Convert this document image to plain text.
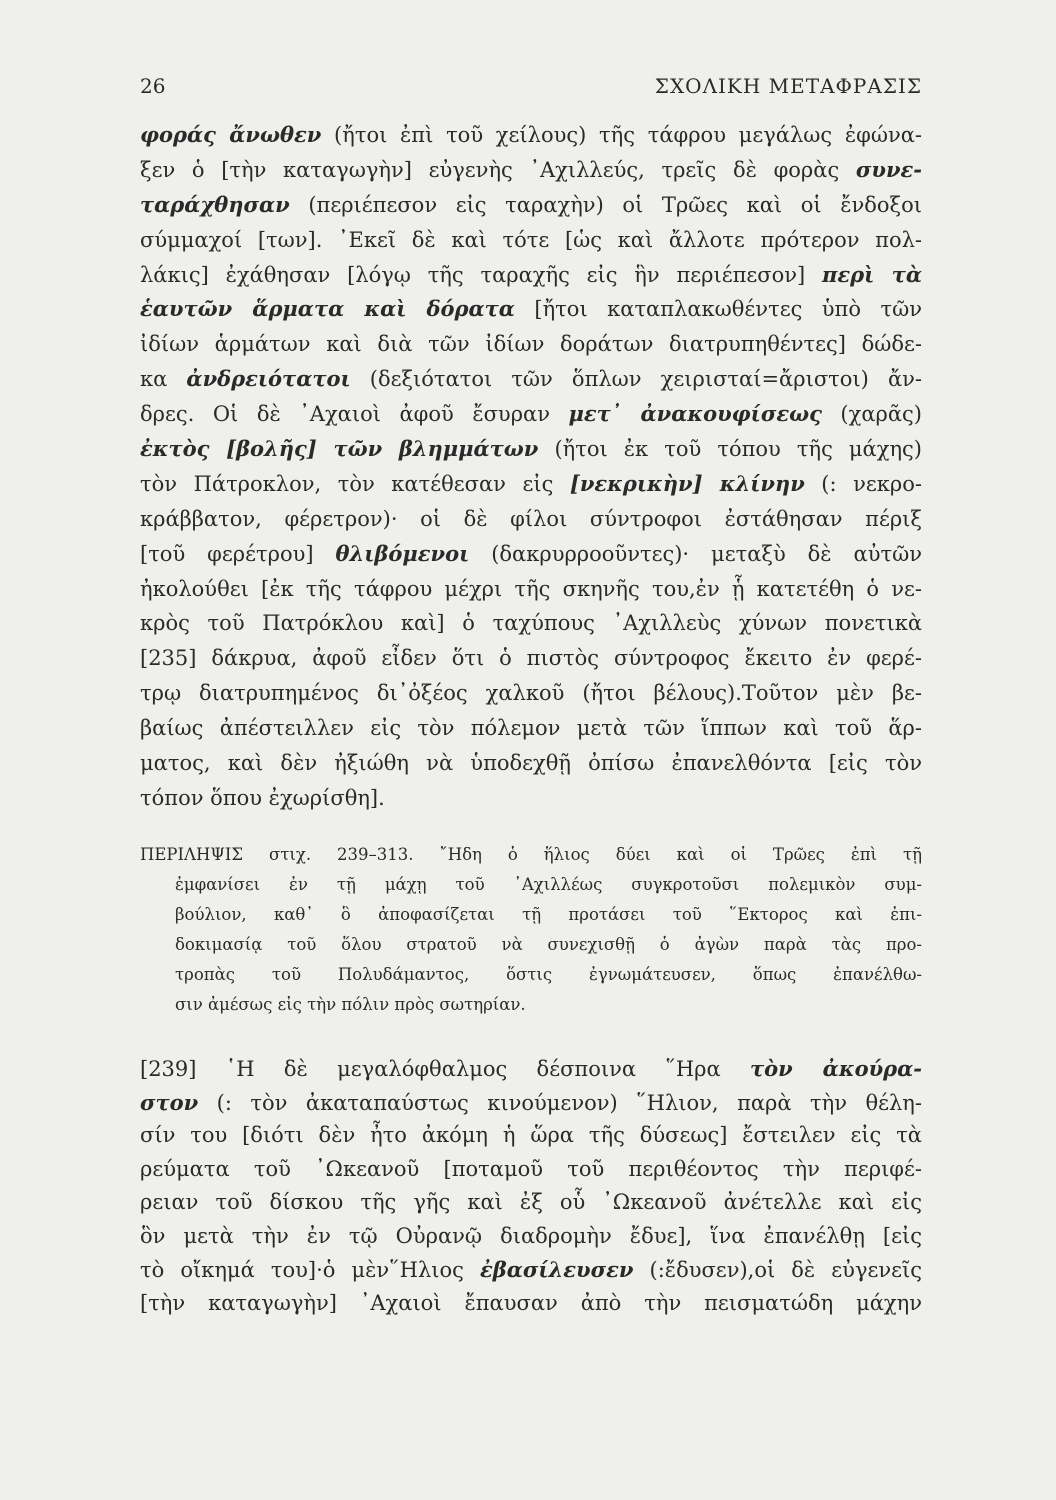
26	ΣΧΟΛΙΚΗ ΜΕΤΑΦΡΑΣΙΣ
φοράς ἄνωθεν (ἤτοι ἐπὶ τοῦ χείλους) τῆς τάφρου μεγάλως ἐφώνα-
ξεν ὁ [τὴν καταγωγὴν] εὐγενὴς ᾿Αχιλλεύς, τρεῖς δὲ φορὰς συνε-
ταράχθησαν (περιέπεσον εἰς ταραχὴν) οἱ Τρῶες καὶ οἱ ἔνδοξοι
σύμμαχοί [των]. ᾿Εκεῖ δὲ καὶ τότε [ὡς καὶ ἄλλοτε πρότερον πολ-
λάκις] ἐχάθησαν [λόγῳ τῆς ταραχῆς εἰς ἣν περιέπεσον] περὶ τὰ
ἑαυτῶν ἅρματα καὶ δόρατα [ἤτοι καταπλακωθέντες ὑπὸ τῶν
ἰδίων ἁρμάτων καὶ διὰ τῶν ἰδίων δοράτων διατρυπηθέντες] δώδε-
κα ἀνδρειότατοι (δεξιότατοι τῶν ὅπλων χειρισταί=ἄριστοι) ἄν-
δρες. Οἱ δὲ ᾿Αχαιοὶ ἀφοῦ ἔσυραν μετ᾿ ἀνακουφίσεως (χαρᾶς)
ἐκτὸς [βολῆς] τῶν βλημμάτων (ἤτοι ἐκ τοῦ τόπου τῆς μάχης)
τὸν Πάτροκλον, τὸν κατέθεσαν εἰς [νεκρικὴν] κλίνην (: νεκρο-
κράββατον, φέρετρον)· οἱ δὲ φίλοι σύντροφοι ἐστάθησαν πέριξ
[τοῦ φερέτρου] θλιβόμενοι (δακρυρροοῦντες)· μεταξὺ δὲ αὐτῶν
ἠκολούθει [ἐκ τῆς τάφρου μέχρι τῆς σκηνῆς του,ἐν ᾗ κατετέθη ὁ νε-
κρὸς τοῦ Πατρόκλου καὶ] ὁ ταχύπους ᾿Αχιλλεὺς χύνων πονετικὰ
[235] δάκρυα, ἀφοῦ εἶδεν ὅτι ὁ πιστὸς σύντροφος ἔκειτο ἐν φερέ-
τρῳ διατρυπημένος δι᾿ὀξέος χαλκοῦ (ἤτοι βέλους).Τοῦτον μὲν βε-
βαίως ἀπέστειλλεν εἰς τὸν πόλεμον μετὰ τῶν ἵππων καὶ τοῦ ἅρ-
ματος, καὶ δὲν ἠξιώθη νὰ ὑποδεχθῇ ὀπίσω ἐπανελθόντα [εἰς τὸν
τόπον ὅπου ἐχωρίσθη].
ΠΕΡΙΛΗΨΙΣ στιχ. 239–313. ῎Ηδη ὁ ἥλιος δύει καὶ οἱ Τρῶες ἐπὶ τῇ
ἐμφανίσει ἐν τῇ μάχῃ τοῦ ᾿Αχιλλέως συγκροτοῦσι πολεμικὸν συμ-
βούλιον, καθ᾿ ὃ ἀποφασίζεται τῇ προτάσει τοῦ ῞Εκτορος καὶ ἐπι-
δοκιμασίᾳ τοῦ ὅλου στρατοῦ νὰ συνεχισθῇ ὁ ἀγὼν παρὰ τὰς προ-
τροπὰς τοῦ Πολυδάμαντος, ὅστις ἐγνωμάτευσεν, ὅπως ἐπανέλθω-
σιν ἀμέσως εἰς τὴν πόλιν πρὸς σωτηρίαν.
[239] ῾Η δὲ μεγαλόφθαλμος δέσποινα ῞Ηρα τὸν ἀκούρα-
στον (: τὸν ἀκαταπαύστως κινούμενον) ῞Ηλιον, παρὰ τὴν θέλη-
σίν του [διότι δὲν ἦτο ἀκόμη ἡ ὥρα τῆς δύσεως] ἔστειλεν εἰς τὰ
ρεύματα τοῦ ᾿Ωκεανοῦ [ποταμοῦ τοῦ περιθέοντος τὴν περιφέ-
ρειαν τοῦ δίσκου τῆς γῆς καὶ ἐξ οὗ ᾿Ωκεανοῦ ἀνέτελλε καὶ εἰς
ὃν μετὰ τὴν ἐν τῷ Οὐρανῷ διαδρομὴν ἔδυε], ἵνα ἐπανέλθῃ [εἰς
τὸ οἴκημά του]·ὁ μὲν῞Ηλιος ἐβασίλευσεν (:ἔδυσεν),οἱ δὲ εὐγενεῖς
[τὴν καταγωγὴν] ᾿Αχαιοὶ ἔπαυσαν ἀπὸ τὴν πεισματώδη μάχην
